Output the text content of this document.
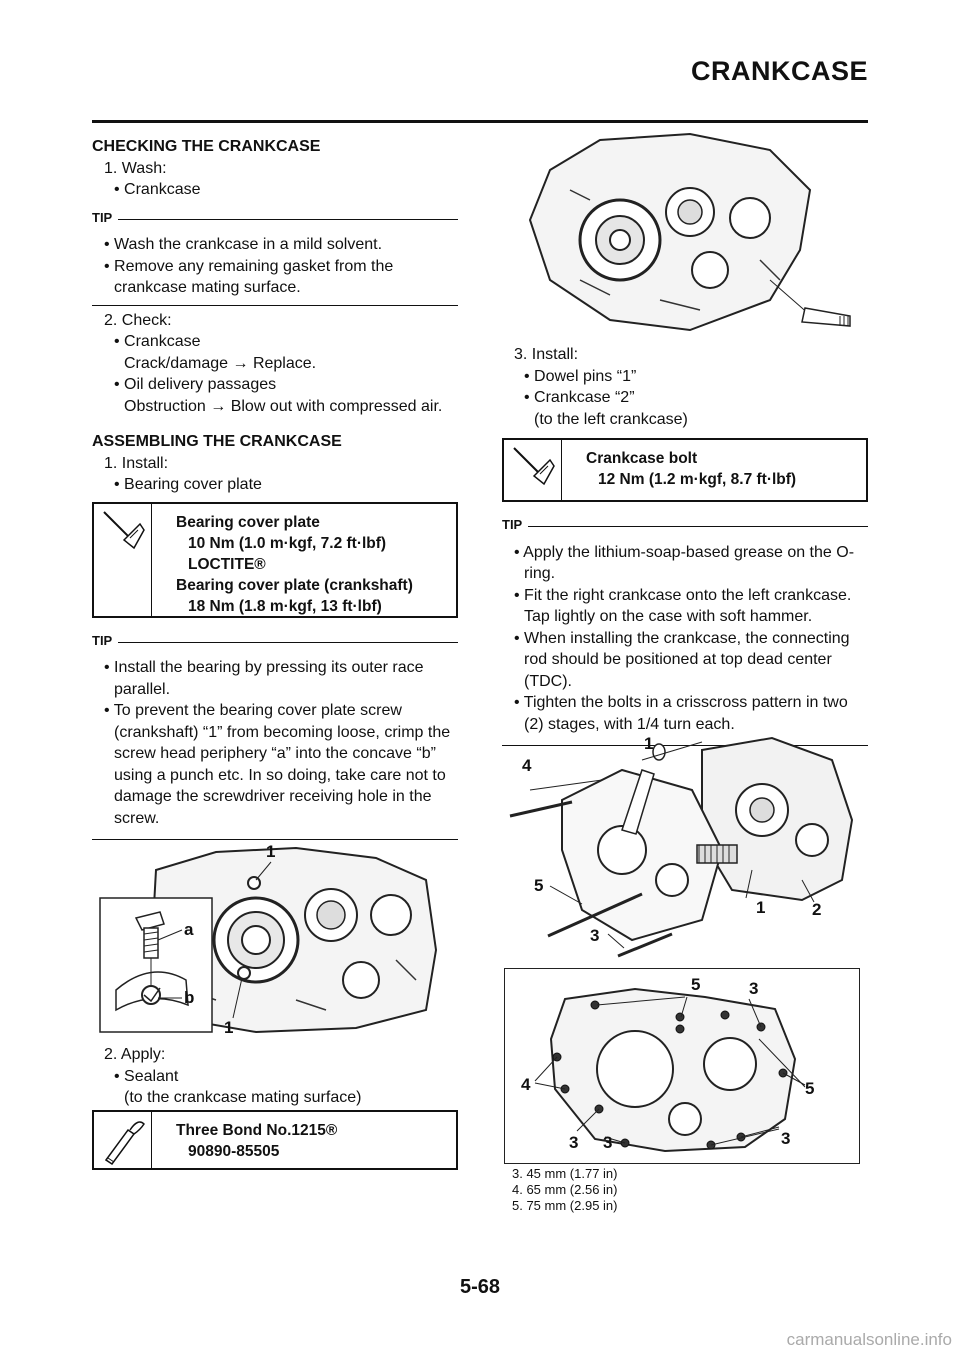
CRANKCASE
CHECKING THE CRANKCASE
1. Wash:
• Crankcase
TIP
• Wash the crankcase in a mild solvent.
• Remove any remaining gasket from the crankcase mating surface.
2. Check:
• Crankcase
Crack/damage → Replace.
• Oil delivery passages
Obstruction → Blow out with compressed air.
ASSEMBLING THE CRANKCASE
1. Install:
• Bearing cover plate
Bearing cover plate
10 Nm (1.0 m·kgf, 7.2 ft·lbf)
LOCTITE®
Bearing cover plate (crankshaft)
18 Nm (1.8 m·kgf, 13 ft·lbf)
TIP
• Install the bearing by pressing its outer race parallel.
• To prevent the bearing cover plate screw (crankshaft) “1” from becoming loose, crimp the screw head periphery “a” into the concave “b” using a punch etc. In so doing, take care not to damage the screwdriver receiving hole in the screw.
1
a
b
1
2. Apply:
• Sealant
(to the crankcase mating surface)
Three Bond No.1215®
90890-85505
3. Install:
• Dowel pins “1”
• Crankcase “2”
(to the left crankcase)
Crankcase bolt
12 Nm (1.2 m·kgf, 8.7 ft·lbf)
TIP
• Apply the lithium-soap-based grease on the O-ring.
• Fit the right crankcase onto the left crankcase. Tap lightly on the case with soft hammer.
• When installing the crankcase, the connecting rod should be positioned at top dead center (TDC).
• Tighten the bolts in a crisscross pattern in two (2) stages, with 1/4 turn each.
1
4
5
3
1	2
5	3
4	5
3 3	3
3. 45 mm (1.77 in)
4. 65 mm (2.56 in)
5. 75 mm (2.95 in)
5-68
carmanualsonline.info
